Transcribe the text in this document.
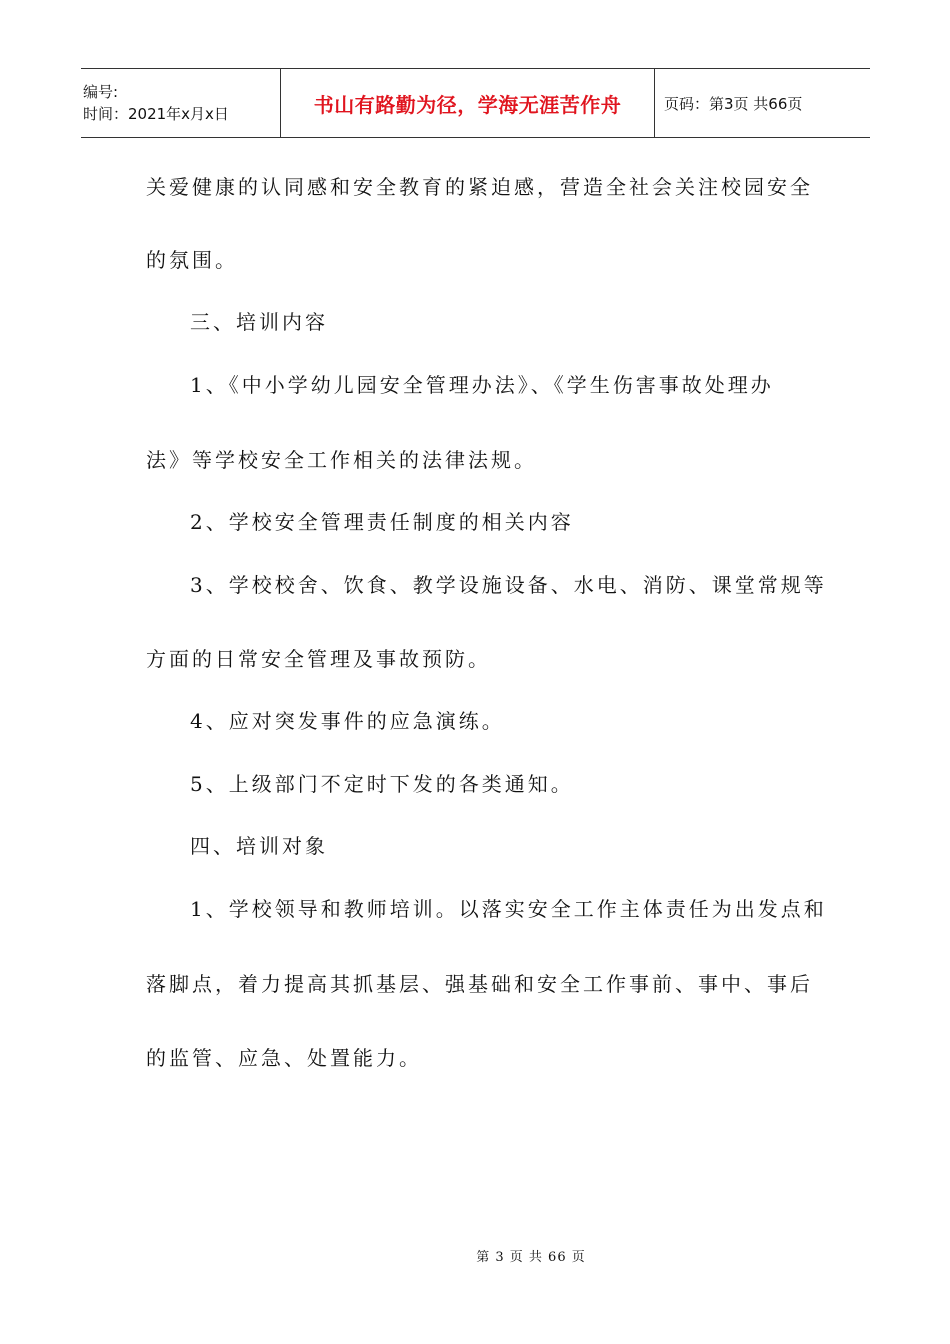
编号:
时间：2021年x月x日	书山有路勤为径，学海无涯苦作舟	页码：第3页 共66页
关爱健康的认同感和安全教育的紧迫感，营造全社会关注校园安全
的氛围。
三、培训内容
1、《中小学幼儿园安全管理办法》、《学生伤害事故处理办
法》等学校安全工作相关的法律法规。
2、学校安全管理责任制度的相关内容
3、学校校舍、饮食、教学设施设备、水电、消防、课堂常规等
方面的日常安全管理及事故预防。
4、应对突发事件的应急演练。
5、上级部门不定时下发的各类通知。
四、培训对象
1、学校领导和教师培训。以落实安全工作主体责任为出发点和
落脚点，着力提高其抓基层、强基础和安全工作事前、事中、事后
的监管、应急、处置能力。
第 3 页 共 66 页
